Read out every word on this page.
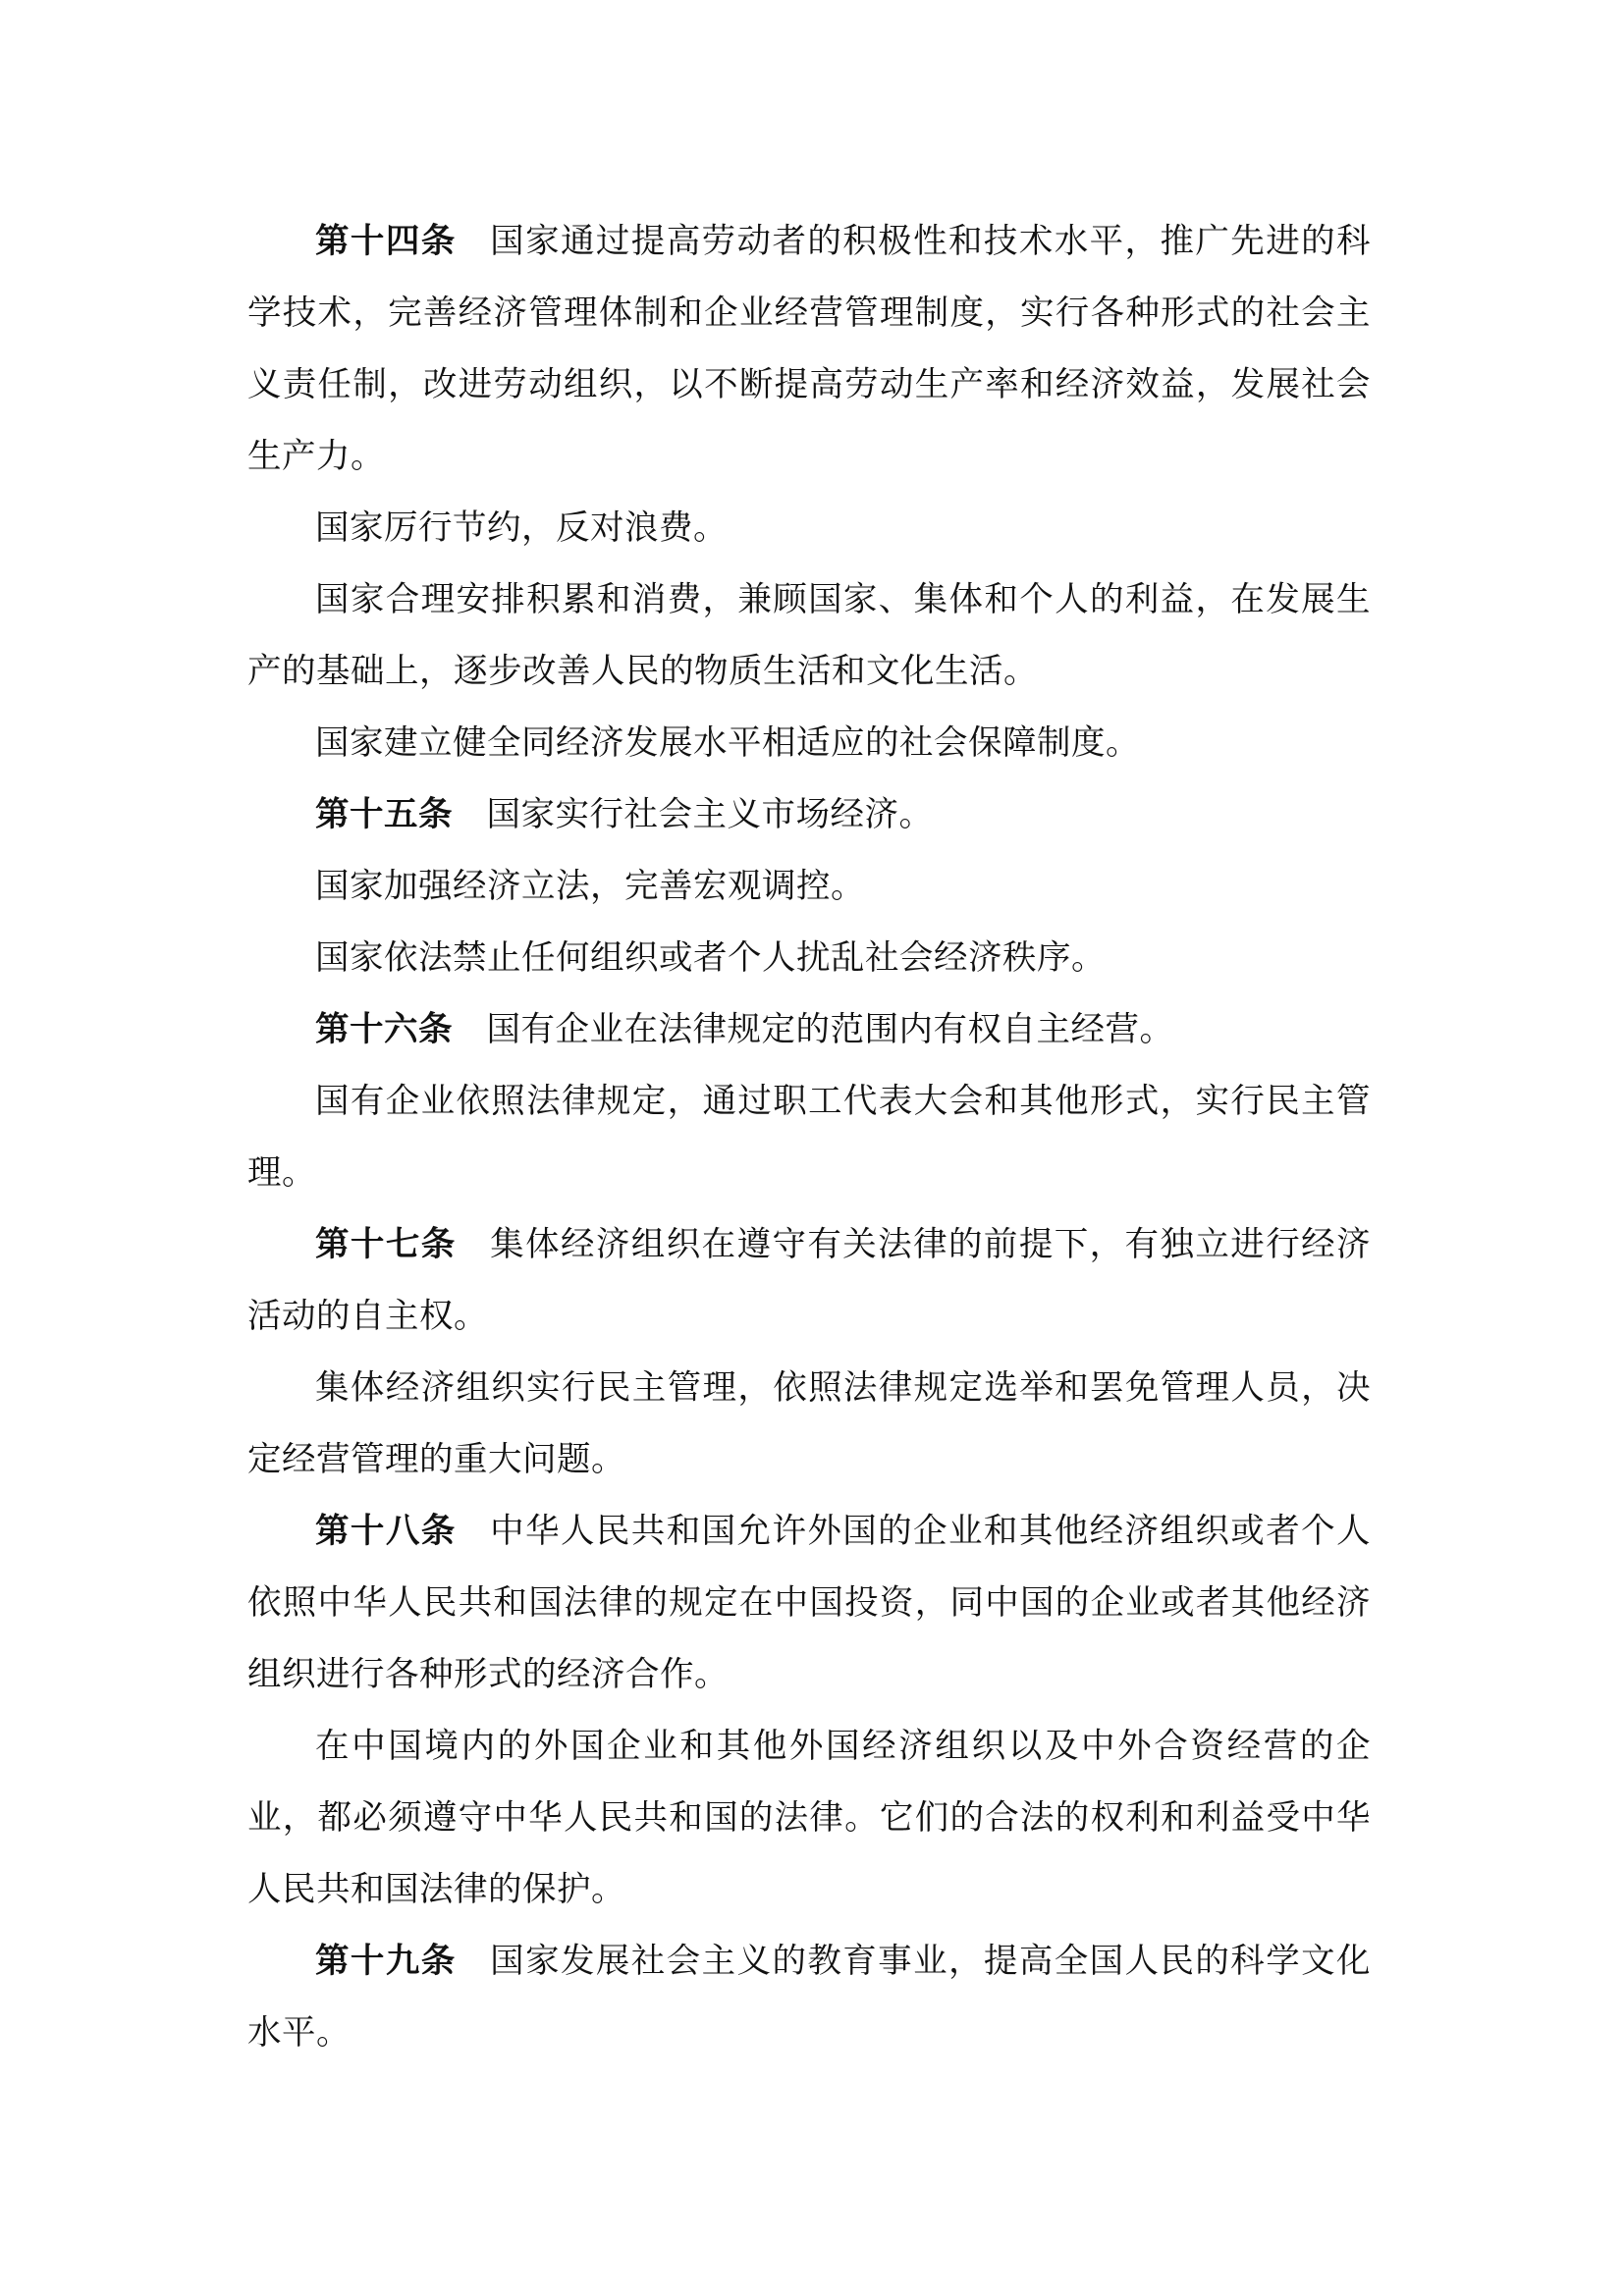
第十四条 国家通过提高劳动者的积极性和技术水平，推广先进的科学技术，完善经济管理体制和企业经营管理制度，实行各种形式的社会主义责任制，改进劳动组织，以不断提高劳动生产率和经济效益，发展社会生产力。

国家厉行节约，反对浪费。

国家合理安排积累和消费，兼顾国家、集体和个人的利益，在发展生产的基础上，逐步改善人民的物质生活和文化生活。

国家建立健全同经济发展水平相适应的社会保障制度。

第十五条 国家实行社会主义市场经济。

国家加强经济立法，完善宏观调控。

国家依法禁止任何组织或者个人扰乱社会经济秩序。

第十六条 国有企业在法律规定的范围内有权自主经营。

国有企业依照法律规定，通过职工代表大会和其他形式，实行民主管理。

第十七条 集体经济组织在遵守有关法律的前提下，有独立进行经济活动的自主权。

集体经济组织实行民主管理，依照法律规定选举和罢免管理人员，决定经营管理的重大问题。

第十八条 中华人民共和国允许外国的企业和其他经济组织或者个人依照中华人民共和国法律的规定在中国投资，同中国的企业或者其他经济组织进行各种形式的经济合作。

在中国境内的外国企业和其他外国经济组织以及中外合资经营的企业，都必须遵守中华人民共和国的法律。它们的合法的权利和利益受中华人民共和国法律的保护。

第十九条 国家发展社会主义的教育事业，提高全国人民的科学文化水平。
